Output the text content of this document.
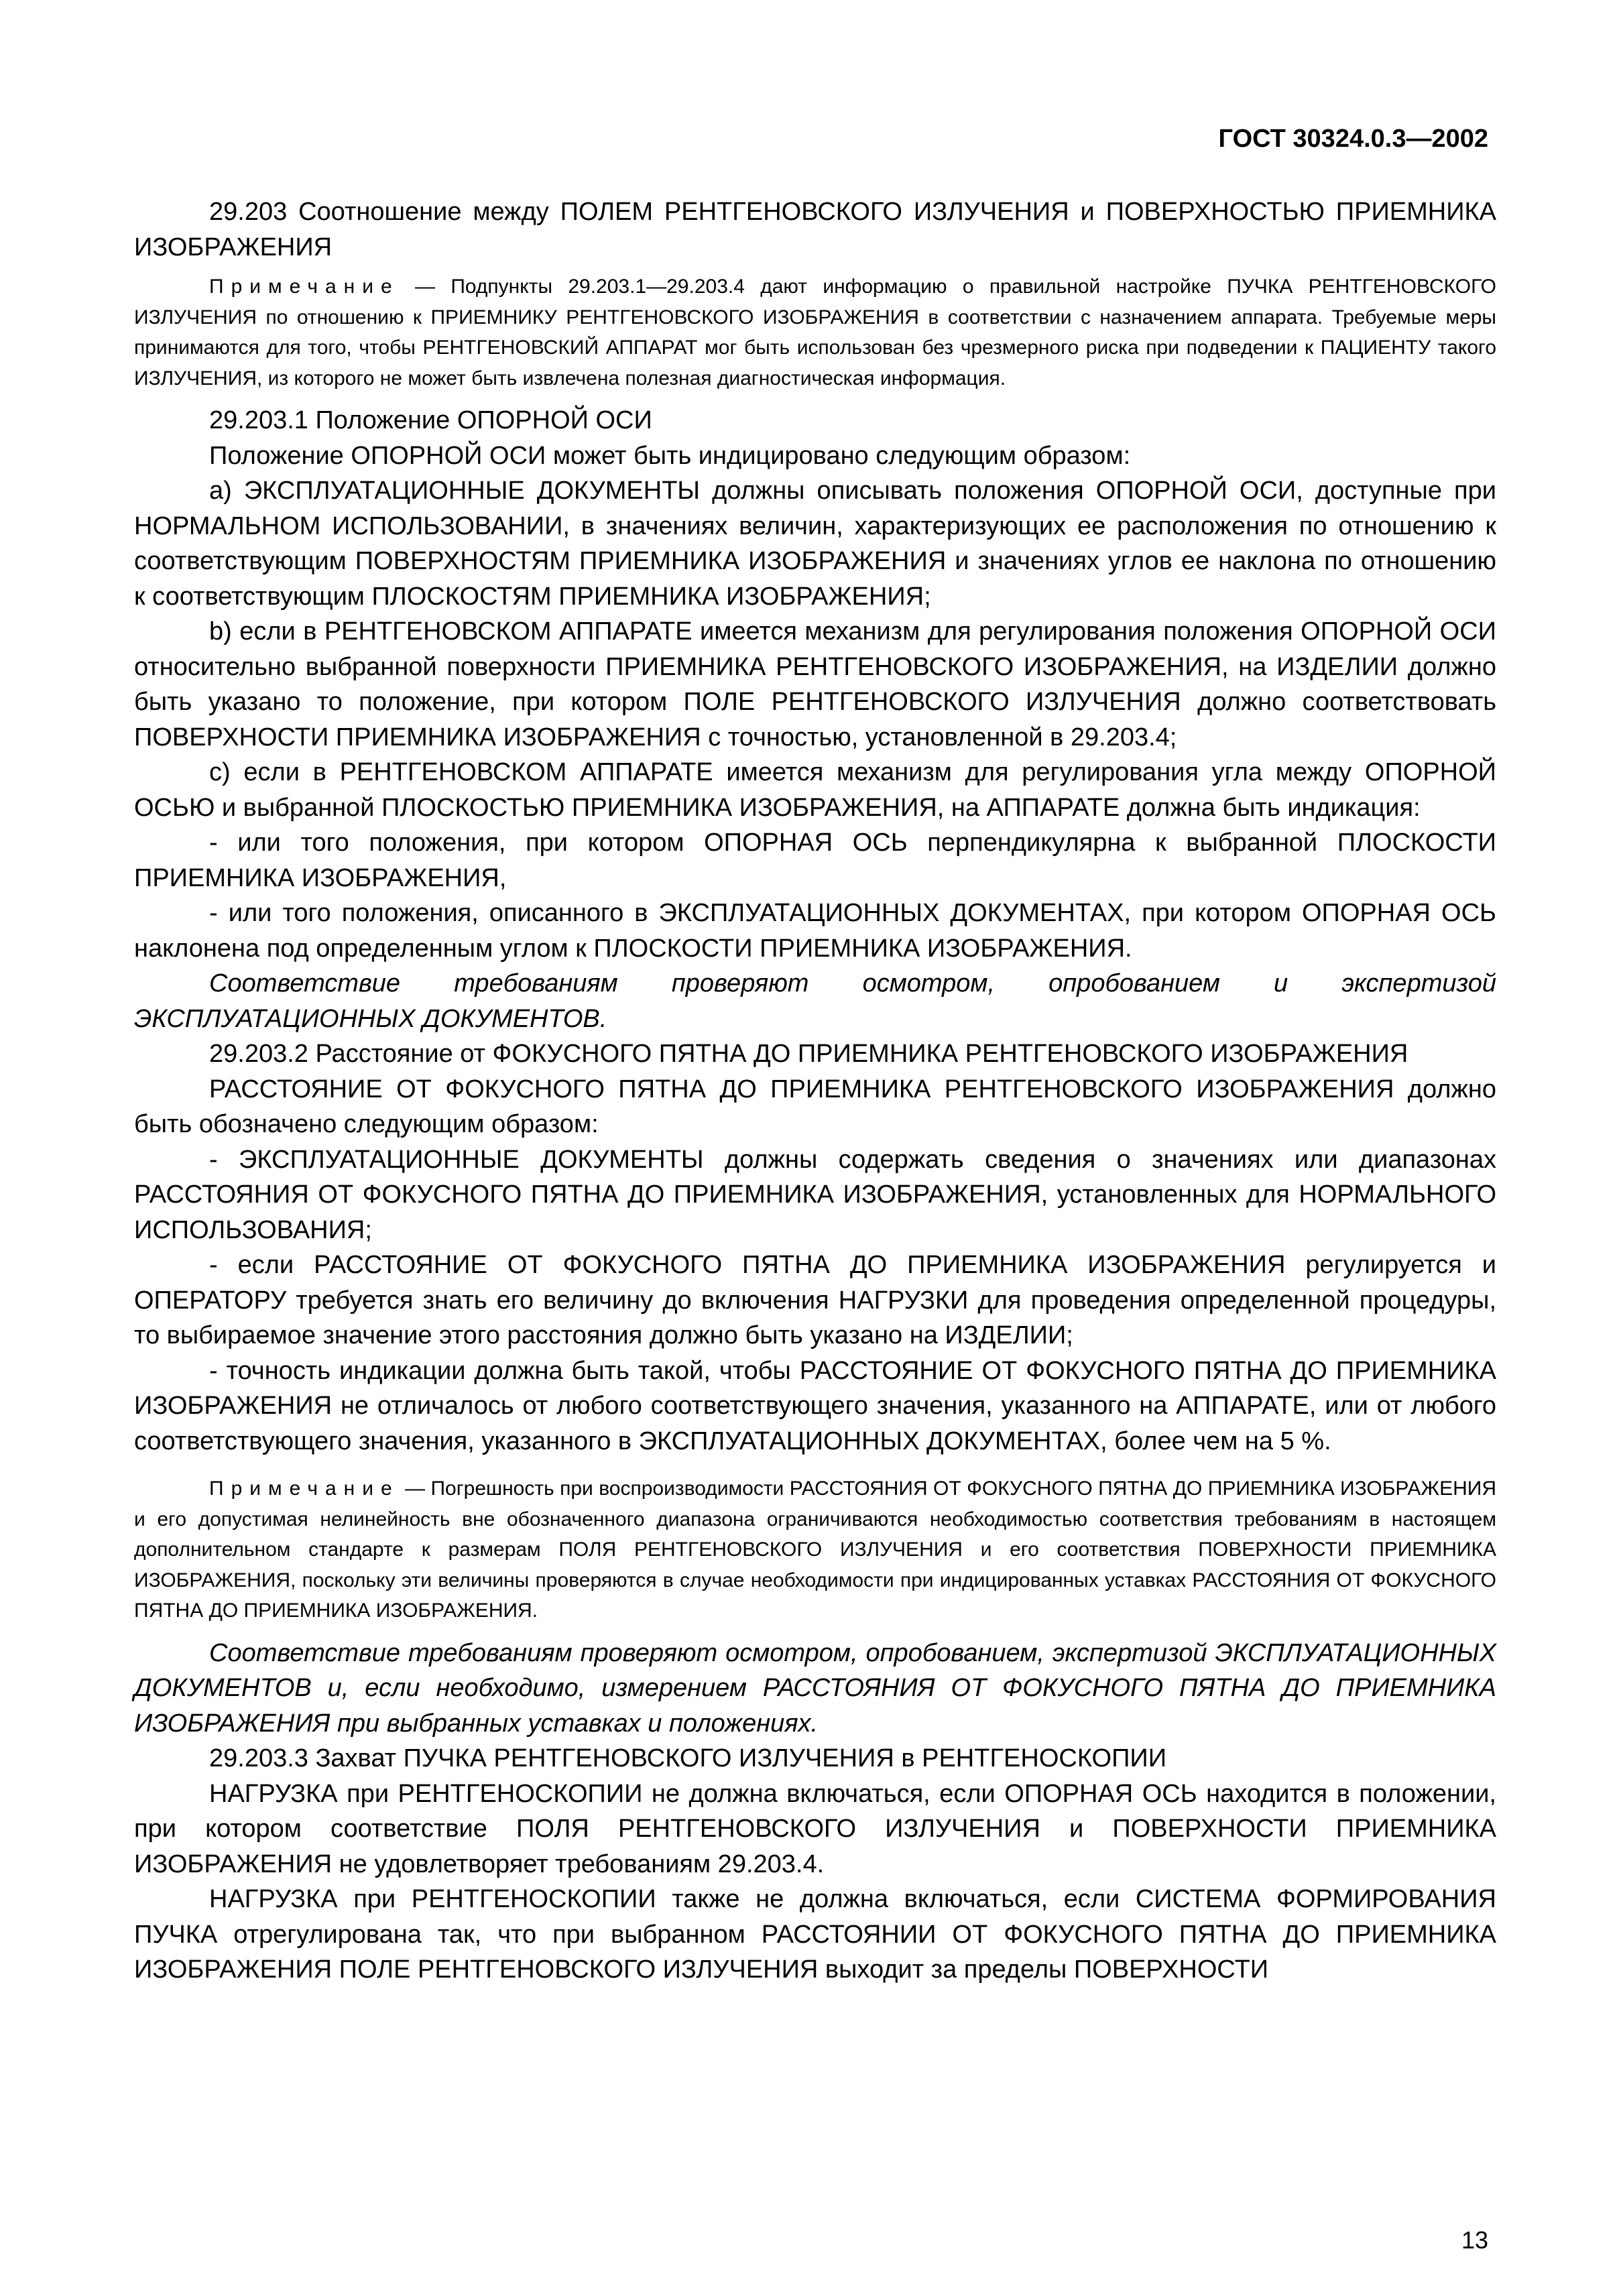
ГОСТ 30324.0.3—2002

29.203 Соотношение между ПОЛЕМ РЕНТГЕНОВСКОГО ИЗЛУЧЕНИЯ и ПОВЕРХНОСТЬЮ ПРИЕМНИКА ИЗОБРАЖЕНИЯ

Примечание — Подпункты 29.203.1—29.203.4 дают информацию о правильной настройке ПУЧКА РЕНТГЕНОВСКОГО ИЗЛУЧЕНИЯ по отношению к ПРИЕМНИКУ РЕНТГЕНОВСКОГО ИЗОБРАЖЕНИЯ в соответствии с назначением аппарата. Требуемые меры принимаются для того, чтобы РЕНТГЕНОВСКИЙ АППАРАТ мог быть использован без чрезмерного риска при подведении к ПАЦИЕНТУ такого ИЗЛУЧЕНИЯ, из которого не может быть извлечена полезная диагностическая информация.

29.203.1 Положение ОПОРНОЙ ОСИ

Положение ОПОРНОЙ ОСИ может быть индицировано следующим образом:

a) ЭКСПЛУАТАЦИОННЫЕ ДОКУМЕНТЫ должны описывать положения ОПОРНОЙ ОСИ, доступные при НОРМАЛЬНОМ ИСПОЛЬЗОВАНИИ, в значениях величин, характеризующих ее расположения по отношению к соответствующим ПОВЕРХНОСТЯМ ПРИЕМНИКА ИЗОБРАЖЕНИЯ и значениях углов ее наклона по отношению к соответствующим ПЛОСКОСТЯМ ПРИЕМНИКА ИЗОБРАЖЕНИЯ;

b) если в РЕНТГЕНОВСКОМ АППАРАТЕ имеется механизм для регулирования положения ОПОРНОЙ ОСИ относительно выбранной поверхности ПРИЕМНИКА РЕНТГЕНОВСКОГО ИЗОБРАЖЕНИЯ, на ИЗДЕЛИИ должно быть указано то положение, при котором ПОЛЕ РЕНТГЕНОВСКОГО ИЗЛУЧЕНИЯ должно соответствовать ПОВЕРХНОСТИ ПРИЕМНИКА ИЗОБРАЖЕНИЯ с точностью, установленной в 29.203.4;

c) если в РЕНТГЕНОВСКОМ АППАРАТЕ имеется механизм для регулирования угла между ОПОРНОЙ ОСЬЮ и выбранной ПЛОСКОСТЬЮ ПРИЕМНИКА ИЗОБРАЖЕНИЯ, на АППАРАТЕ должна быть индикация:

- или того положения, при котором ОПОРНАЯ ОСЬ перпендикулярна к выбранной ПЛОСКОСТИ ПРИЕМНИКА ИЗОБРАЖЕНИЯ,

- или того положения, описанного в ЭКСПЛУАТАЦИОННЫХ ДОКУМЕНТАХ, при котором ОПОРНАЯ ОСЬ наклонена под определенным углом к ПЛОСКОСТИ ПРИЕМНИКА ИЗОБРАЖЕНИЯ.

Соответствие требованиям проверяют осмотром, опробованием и экспертизой ЭКСПЛУАТАЦИОННЫХ ДОКУМЕНТОВ.

29.203.2 Расстояние от ФОКУСНОГО ПЯТНА ДО ПРИЕМНИКА РЕНТГЕНОВСКОГО ИЗОБРАЖЕНИЯ

РАССТОЯНИЕ ОТ ФОКУСНОГО ПЯТНА ДО ПРИЕМНИКА РЕНТГЕНОВСКОГО ИЗОБРАЖЕНИЯ должно быть обозначено следующим образом:

- ЭКСПЛУАТАЦИОННЫЕ ДОКУМЕНТЫ должны содержать сведения о значениях или диапазонах РАССТОЯНИЯ ОТ ФОКУСНОГО ПЯТНА ДО ПРИЕМНИКА ИЗОБРАЖЕНИЯ, установленных для НОРМАЛЬНОГО ИСПОЛЬЗОВАНИЯ;

- если РАССТОЯНИЕ ОТ ФОКУСНОГО ПЯТНА ДО ПРИЕМНИКА ИЗОБРАЖЕНИЯ регулируется и ОПЕРАТОРУ требуется знать его величину до включения НАГРУЗКИ для проведения определенной процедуры, то выбираемое значение этого расстояния должно быть указано на ИЗДЕЛИИ;

- точность индикации должна быть такой, чтобы РАССТОЯНИЕ ОТ ФОКУСНОГО ПЯТНА ДО ПРИЕМНИКА ИЗОБРАЖЕНИЯ не отличалось от любого соответствующего значения, указанного на АППАРАТЕ, или от любого соответствующего значения, указанного в ЭКСПЛУАТАЦИОННЫХ ДОКУМЕНТАХ, более чем на 5 %.

Примечание — Погрешность при воспроизводимости РАССТОЯНИЯ ОТ ФОКУСНОГО ПЯТНА ДО ПРИЕМНИКА ИЗОБРАЖЕНИЯ и его допустимая нелинейность вне обозначенного диапазона ограничиваются необходимостью соответствия требованиям в настоящем дополнительном стандарте к размерам ПОЛЯ РЕНТГЕНОВСКОГО ИЗЛУЧЕНИЯ и его соответствия ПОВЕРХНОСТИ ПРИЕМНИКА ИЗОБРАЖЕНИЯ, поскольку эти величины проверяются в случае необходимости при индицированных уставках РАССТОЯНИЯ ОТ ФОКУСНОГО ПЯТНА ДО ПРИЕМНИКА ИЗОБРАЖЕНИЯ.

Соответствие требованиям проверяют осмотром, опробованием, экспертизой ЭКСПЛУАТАЦИОННЫХ ДОКУМЕНТОВ и, если необходимо, измерением РАССТОЯНИЯ ОТ ФОКУСНОГО ПЯТНА ДО ПРИЕМНИКА ИЗОБРАЖЕНИЯ при выбранных уставках и положениях.

29.203.3 Захват ПУЧКА РЕНТГЕНОВСКОГО ИЗЛУЧЕНИЯ в РЕНТГЕНОСКОПИИ

НАГРУЗКА при РЕНТГЕНОСКОПИИ не должна включаться, если ОПОРНАЯ ОСЬ находится в положении, при котором соответствие ПОЛЯ РЕНТГЕНОВСКОГО ИЗЛУЧЕНИЯ и ПОВЕРХНОСТИ ПРИЕМНИКА ИЗОБРАЖЕНИЯ не удовлетворяет требованиям 29.203.4.

НАГРУЗКА при РЕНТГЕНОСКОПИИ также не должна включаться, если СИСТЕМА ФОРМИРОВАНИЯ ПУЧКА отрегулирована так, что при выбранном РАССТОЯНИИ ОТ ФОКУСНОГО ПЯТНА ДО ПРИЕМНИКА ИЗОБРАЖЕНИЯ ПОЛЕ РЕНТГЕНОВСКОГО ИЗЛУЧЕНИЯ выходит за пределы ПОВЕРХНОСТИ

13
